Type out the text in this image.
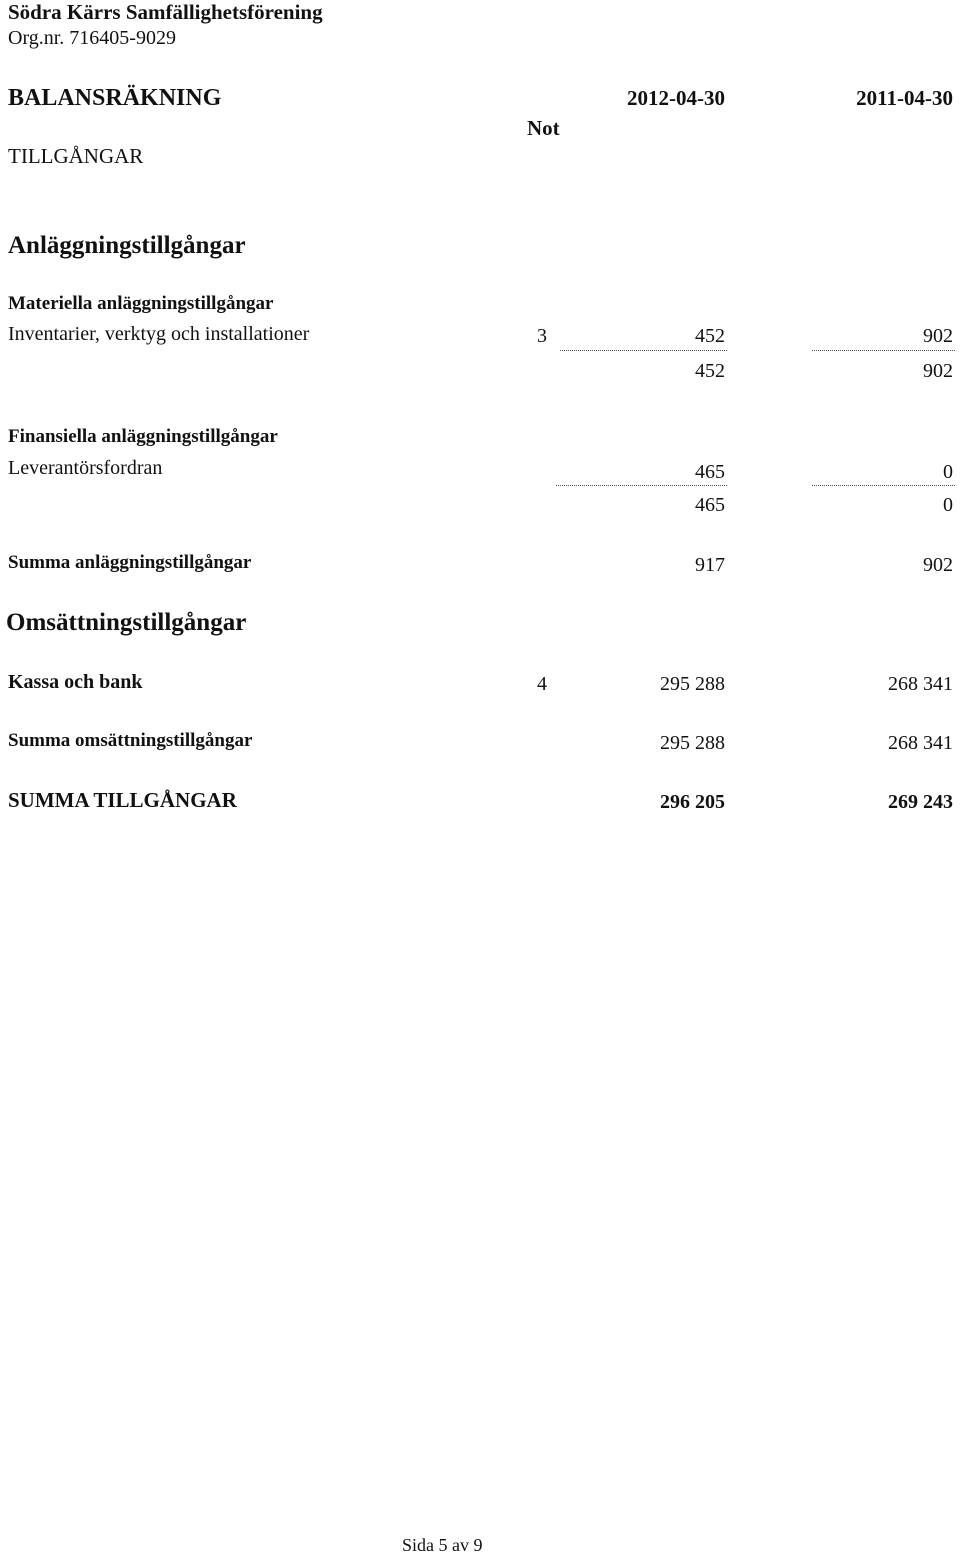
Södra Kärrs Samfällighetsförening
Org.nr. 716405-9029
BALANSRÄKNING	2012-04-30	2011-04-30
Not
TILLGÅNGAR
Anläggningstillgångar
Materiella anläggningstillgångar
Inventarier, verktyg och installationer	3	452	902
452	902
Finansiella anläggningstillgångar
Leverantörsfordran	465	0
465	0
Summa anläggningstillgångar	917	902
Omsättningstillgångar
Kassa och bank	4	295 288	268 341
Summa omsättningstillgångar	295 288	268 341
SUMMA TILLGÅNGAR	296 205	269 243
Sida 5 av 9
